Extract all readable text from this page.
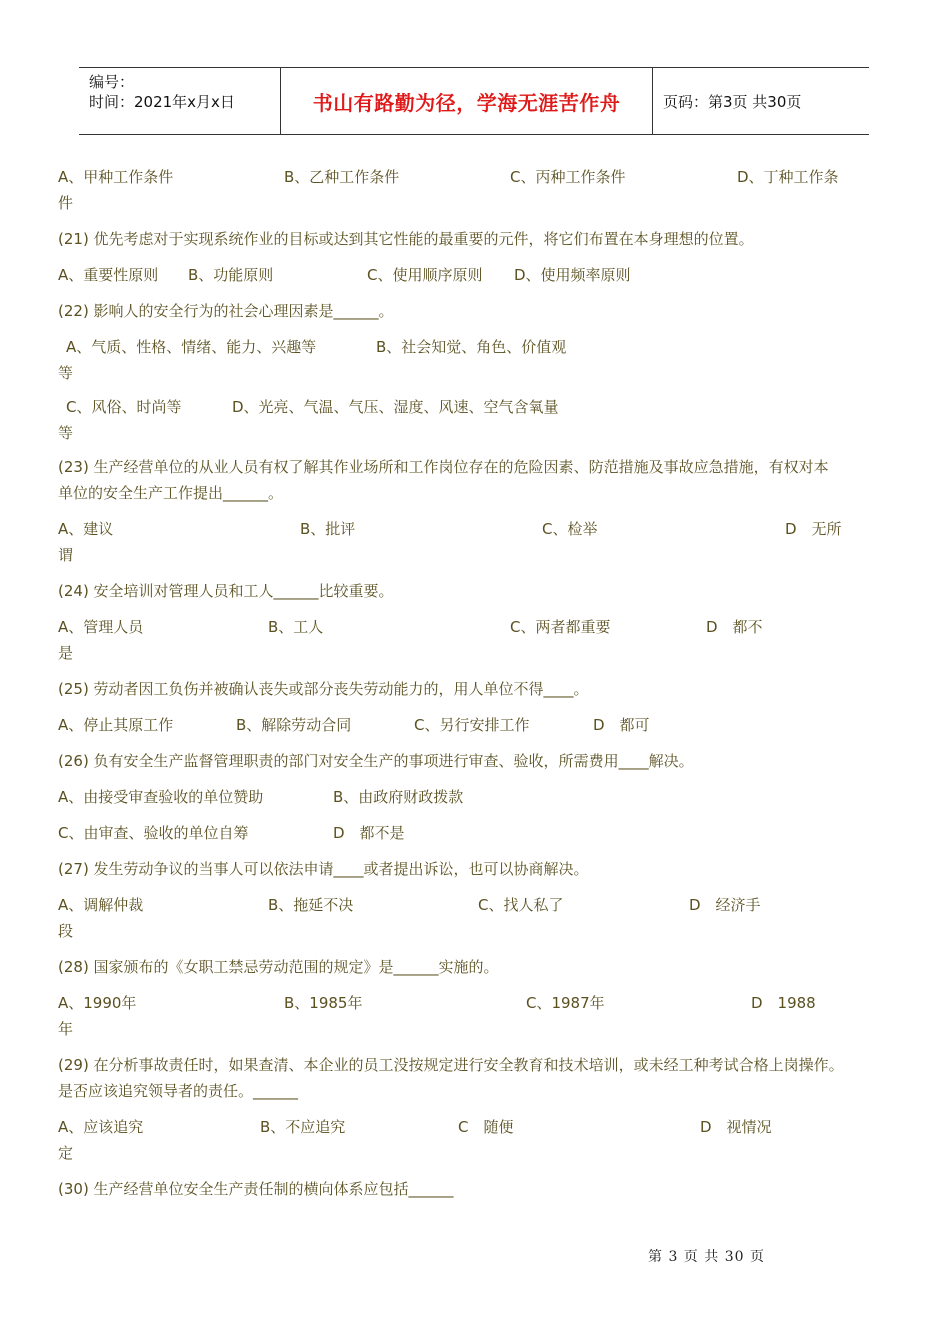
编号：
时间：2021年x月x日	书山有路勤为径，学海无涯苦作舟	页码：第3页 共30页
A、甲种工作条件	B、乙种工作条件	C、丙种工作条件	D、丁种工作条
件
(21) 优先考虑对于实现系统作业的目标或达到其它性能的最重要的元件，将它们布置在本身理想的位置。
A、重要性原则 B、功能原则	C、使用顺序原则 D、使用频率原则
(22) 影响人的安全行为的社会心理因素是______。
A、气质、性格、情绪、能力、兴趣等	B、社会知觉、角色、价值观
等
C、风俗、时尚等	D、光亮、气温、气压、湿度、风速、空气含氧量
等
(23) 生产经营单位的从业人员有权了解其作业场所和工作岗位存在的危险因素、防范措施及事故应急措施，有权对本
单位的安全生产工作提出______。
A、建议	B、批评	C、检举	D　无所
谓
(24) 安全培训对管理人员和工人______比较重要。
A、管理人员	B、工人	C、两者都重要	D　都不
是
(25) 劳动者因工负伤并被确认丧失或部分丧失劳动能力的，用人单位不得____。
A、停止其原工作	B、解除劳动合同	C、另行安排工作	D　都可
(26) 负有安全生产监督管理职责的部门对安全生产的事项进行审查、验收，所需费用____解决。
A、由接受审查验收的单位赞助	B、由政府财政拨款
C、由审查、验收的单位自筹	D　都不是
(27) 发生劳动争议的当事人可以依法申请____或者提出诉讼，也可以协商解决。
A、调解仲裁	B、拖延不决	C、找人私了	D　经济手
段
(28) 国家颁布的《女职工禁忌劳动范围的规定》是______实施的。
A、1990年	B、1985年	C、1987年	D　1988
年
(29) 在分析事故责任时，如果查清、本企业的员工没按规定进行安全教育和技术培训，或未经工种考试合格上岗操作。
是否应该追究领导者的责任。______
A、应该追究	B、不应追究	C　随便	D　视情况
定
(30) 生产经营单位安全生产责任制的横向体系应包括______
第 3 页 共 30 页
